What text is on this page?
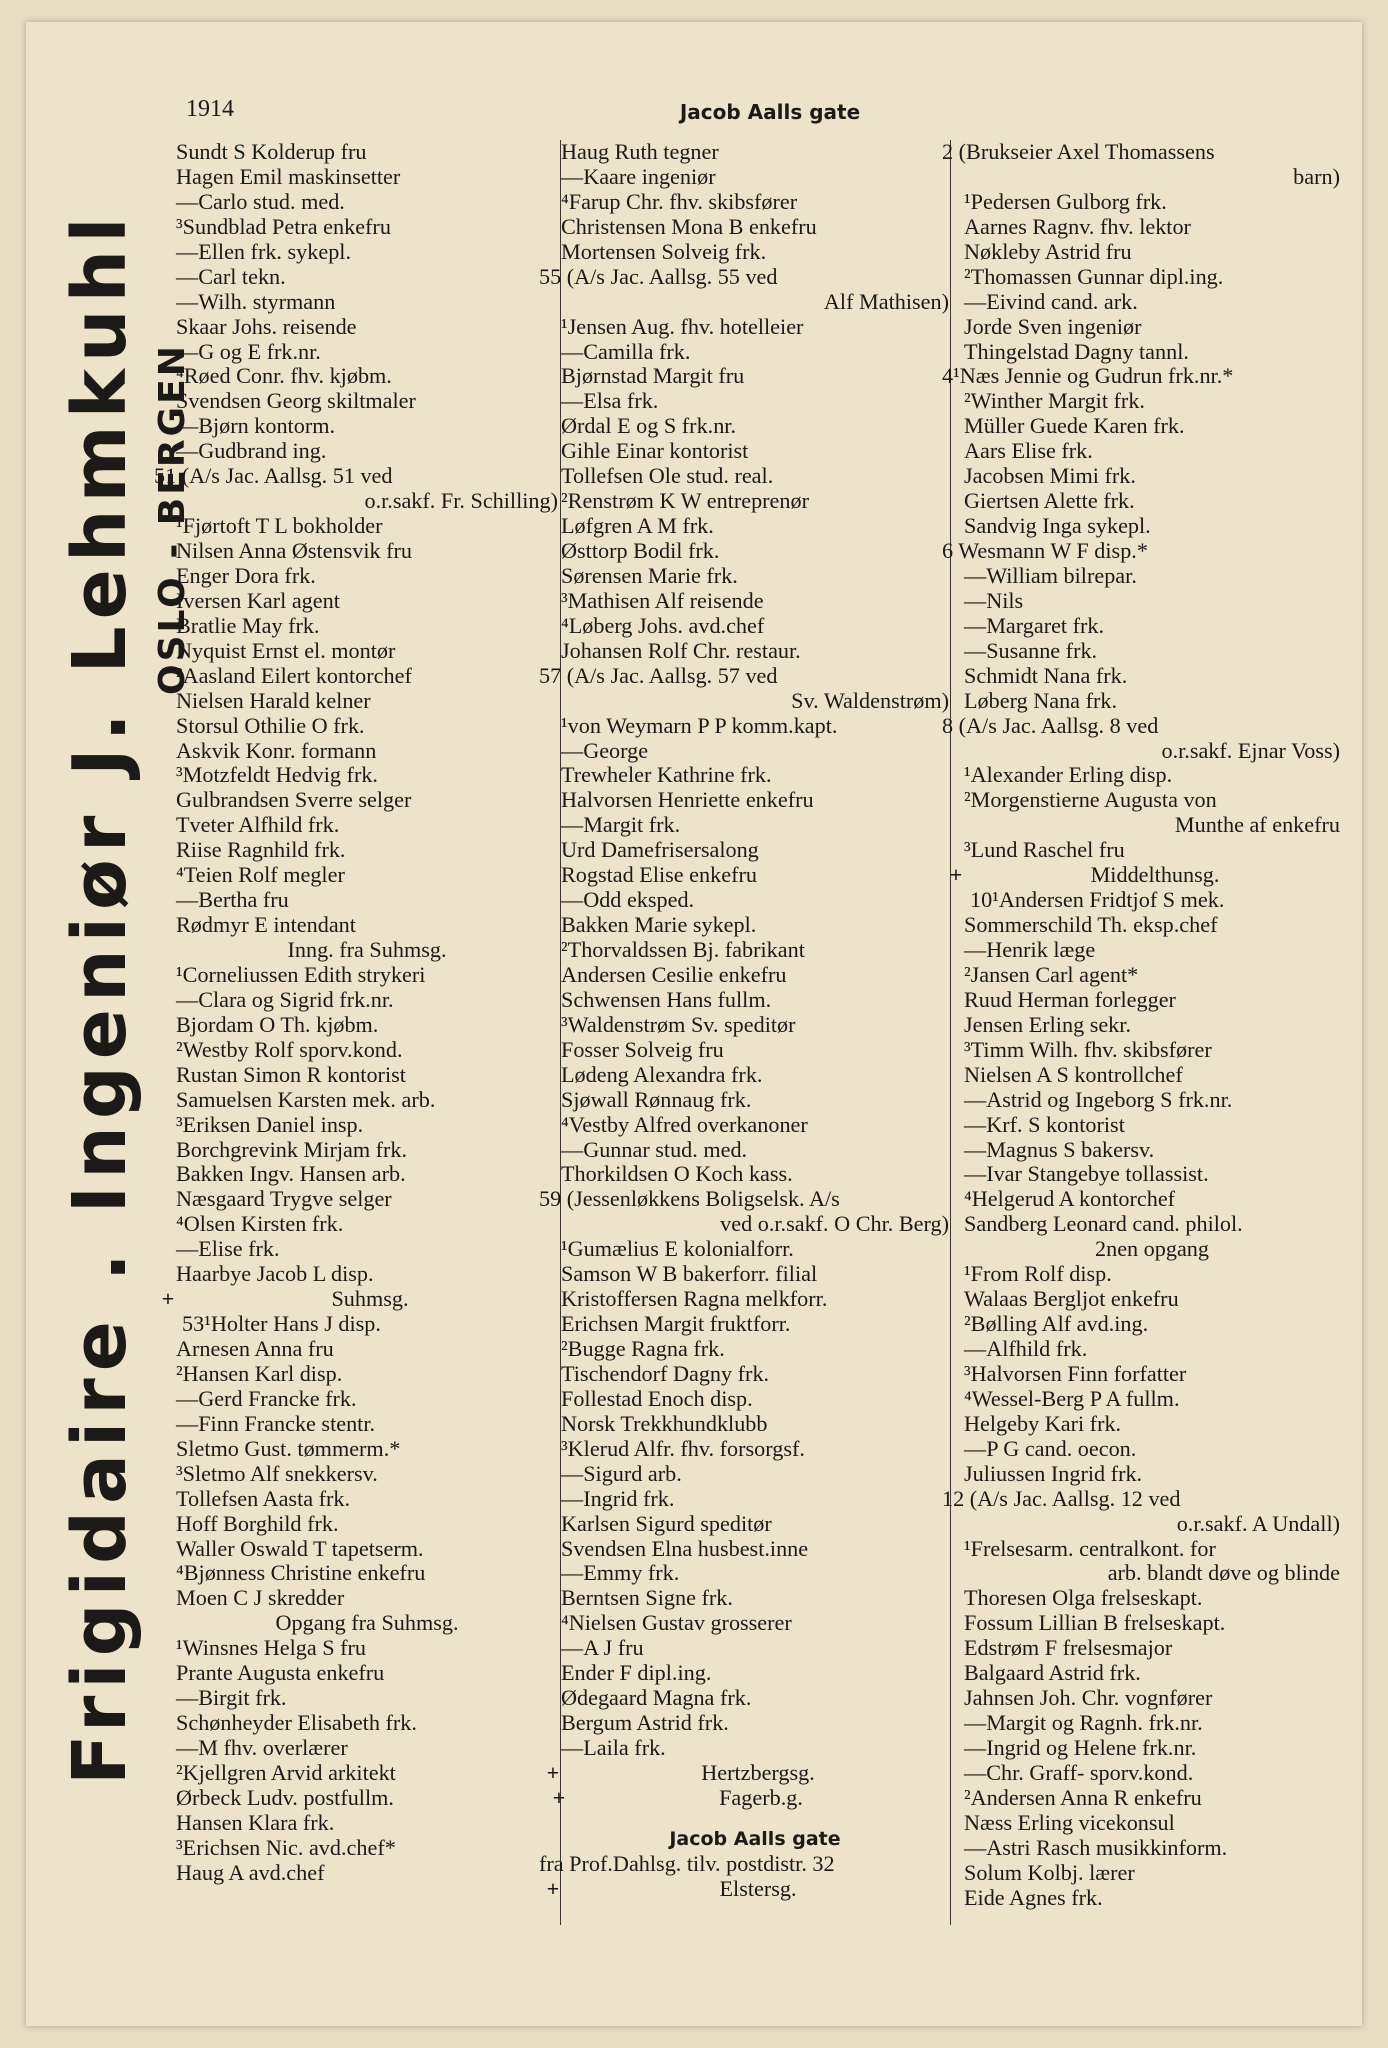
1914	Jacob Aalls gate
Frigidaire . Ingeniør J. Lehmkuhl OSLO - BERGEN
Sundt S Kolderup fru
Hagen Emil maskinsetter
—Carlo stud. med.
³Sundblad Petra enkefru
—Ellen frk. sykepl.
—Carl tekn.
—Wilh. styrmann
Skaar Johs. reisende
—G og E frk.nr.
⁴Røed Conr. fhv. kjøbm.
Svendsen Georg skiltmaler
—Bjørn kontorm.
—Gudbrand ing.
51 (A/s Jac. Aallsg. 51 ved
o.r.sakf. Fr. Schilling)
¹Fjørtoft T L bokholder
Nilsen Anna Østensvik fru
Enger Dora frk.
Iversen Karl agent
Bratlie May frk.
Nyquist Ernst el. montør
²Aasland Eilert kontorchef
Nielsen Harald kelner
Storsul Othilie O frk.
Askvik Konr. formann
³Motzfeldt Hedvig frk.
Gulbrandsen Sverre selger
Tveter Alfhild frk.
Riise Ragnhild frk.
⁴Teien Rolf megler
—Bertha fru
Rødmyr E intendant
Inng. fra Suhmsg.
¹Corneliussen Edith strykeri
—Clara og Sigrid frk.nr.
Bjordam O Th. kjøbm.
²Westby Rolf sporv.kond.
Rustan Simon R kontorist
Samuelsen Karsten mek. arb.
³Eriksen Daniel insp.
Borchgrevink Mirjam frk.
Bakken Ingv. Hansen arb.
Næsgaard Trygve selger
⁴Olsen Kirsten frk.
—Elise frk.
Haarbye Jacob L disp.
+	Suhmsg.
53¹Holter Hans J disp.
Arnesen Anna fru
²Hansen Karl disp.
—Gerd Francke frk.
—Finn Francke stentr.
Sletmo Gust. tømmerm.*
³Sletmo Alf snekkersv.
Tollefsen Aasta frk.
Hoff Borghild frk.
Waller Oswald T tapetserm.
⁴Bjønness Christine enkefru
Moen C J skredder
Opgang fra Suhmsg.
¹Winsnes Helga S fru
Prante Augusta enkefru
—Birgit frk.
Schønheyder Elisabeth frk.
—M fhv. overlærer
²Kjellgren Arvid arkitekt
Ørbeck Ludv. postfullm.
Hansen Klara frk.
³Erichsen Nic. avd.chef*
Haug A avd.chef
Haug Ruth tegner
—Kaare ingeniør
⁴Farup Chr. fhv. skibsfører
Christensen Mona B enkefru
Mortensen Solveig frk.
55 (A/s Jac. Aallsg. 55 ved
Alf Mathisen)
¹Jensen Aug. fhv. hotelleier
—Camilla frk.
Bjørnstad Margit fru
—Elsa frk.
Ørdal E og S frk.nr.
Gihle Einar kontorist
Tollefsen Ole stud. real.
²Renstrøm K W entreprenør
Løfgren A M frk.
Østtorp Bodil frk.
Sørensen Marie frk.
³Mathisen Alf reisende
⁴Løberg Johs. avd.chef
Johansen Rolf Chr. restaur.
57 (A/s Jac. Aallsg. 57 ved
Sv. Waldenstrøm)
¹von Weymarn P P komm.kapt.
—George
Trewheler Kathrine frk.
Halvorsen Henriette enkefru
—Margit frk.
Urd Damefrisersalong
Rogstad Elise enkefru
—Odd eksped.
Bakken Marie sykepl.
²Thorvaldssen Bj. fabrikant
Andersen Cesilie enkefru
Schwensen Hans fullm.
³Waldenstrøm Sv. speditør
Fosser Solveig fru
Lødeng Alexandra frk.
Sjøwall Rønnaug frk.
⁴Vestby Alfred overkanoner
—Gunnar stud. med.
Thorkildsen O Koch kass.
59 (Jessenløkkens Boligselsk. A/s
ved o.r.sakf. O Chr. Berg)
¹Gumælius E kolonialforr.
Samson W B bakerforr. filial
Kristoffersen Ragna melkforr.
Erichsen Margit fruktforr.
²Bugge Ragna frk.
Tischendorf Dagny frk.
Follestad Enoch disp.
Norsk Trekkhundklubb
³Klerud Alfr. fhv. forsorgsf.
—Sigurd arb.
—Ingrid frk.
Karlsen Sigurd speditør
Svendsen Elna husbest.inne
—Emmy frk.
Berntsen Signe frk.
⁴Nielsen Gustav grosserer
—A J fru
Ender F dipl.ing.
Ødegaard Magna frk.
Bergum Astrid frk.
—Laila frk.
+	Hertzbergsg.
+	Fagerb.g.
Jacob Aalls gate
fra Prof.Dahlsg. tilv. postdistr. 32
+	Elstersg.
2 (Brukseier Axel Thomassens
barn)
¹Pedersen Gulborg frk.
Aarnes Ragnv. fhv. lektor
Nøkleby Astrid fru
²Thomassen Gunnar dipl.ing.
—Eivind cand. ark.
Jorde Sven ingeniør
Thingelstad Dagny tannl.
4¹Næs Jennie og Gudrun frk.nr.*
²Winther Margit frk.
Müller Guede Karen frk.
Aars Elise frk.
Jacobsen Mimi frk.
Giertsen Alette frk.
Sandvig Inga sykepl.
6 Wesmann W F disp.*
—William bilrepar.
—Nils
—Margaret frk.
—Susanne frk.
Schmidt Nana frk.
Løberg Nana frk.
8 (A/s Jac. Aallsg. 8 ved
o.r.sakf. Ejnar Voss)
¹Alexander Erling disp.
²Morgenstierne Augusta von
Munthe af enkefru
³Lund Raschel fru
+	Middelthunsg.
10¹Andersen Fridtjof S mek.
Sommerschild Th. eksp.chef
—Henrik læge
²Jansen Carl agent*
Ruud Herman forlegger
Jensen Erling sekr.
³Timm Wilh. fhv. skibsfører
Nielsen A S kontrollchef
—Astrid og Ingeborg S frk.nr.
—Krf. S kontorist
—Magnus S bakersv.
—Ivar Stangebye tollassist.
⁴Helgerud A kontorchef
Sandberg Leonard cand. philol.
2nen opgang
¹From Rolf disp.
Walaas Bergljot enkefru
²Bølling Alf avd.ing.
—Alfhild frk.
³Halvorsen Finn forfatter
⁴Wessel-Berg P A fullm.
Helgeby Kari frk.
—P G cand. oecon.
Juliussen Ingrid frk.
12 (A/s Jac. Aallsg. 12 ved
o.r.sakf. A Undall)
¹Frelsesarm. centralkont. for
arb. blandt døve og blinde
Thoresen Olga frelseskapt.
Fossum Lillian B frelseskapt.
Edstrøm F frelsesmajor
Balgaard Astrid frk.
Jahnsen Joh. Chr. vognfører
—Margit og Ragnh. frk.nr.
—Ingrid og Helene frk.nr.
—Chr. Graff- sporv.kond.
²Andersen Anna R enkefru
Næss Erling vicekonsul
—Astri Rasch musikkinform.
Solum Kolbj. lærer
Eide Agnes frk.
